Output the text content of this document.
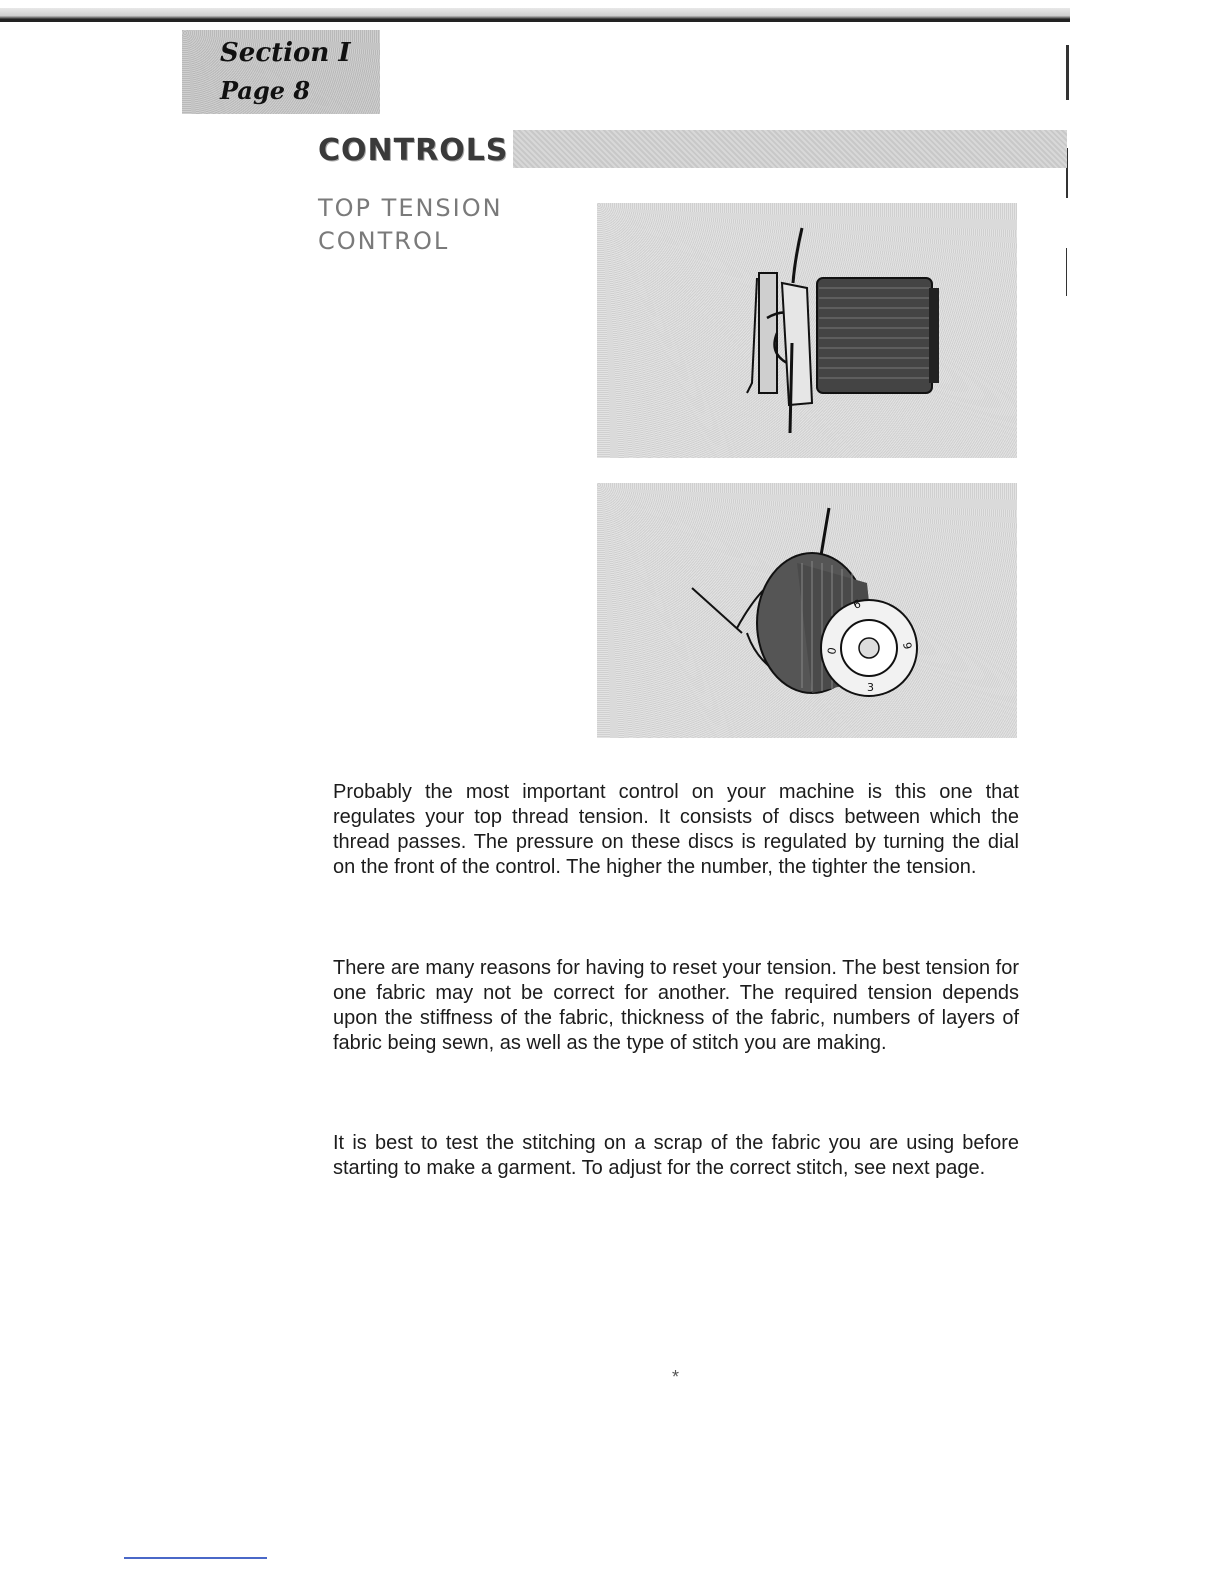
Section I
Page 8
CONTROLS
TOP TENSION
CONTROL
0
3
6
9

Probably the most important control on your machine is this one that regulates your top thread tension. It consists of discs between which the thread passes. The pressure on these discs is regulated by turning the dial on the front of the control. The higher the number, the tighter the tension.

There are many reasons for having to reset your tension. The best tension for one fabric may not be correct for another. The required tension depends upon the stiffness of the fabric, thickness of the fabric, numbers of layers of fabric being sewn, as well as the type of stitch you are making.

It is best to test the stitching on a scrap of the fabric you are using before starting to make a garment. To adjust for the correct stitch, see next page.

*
